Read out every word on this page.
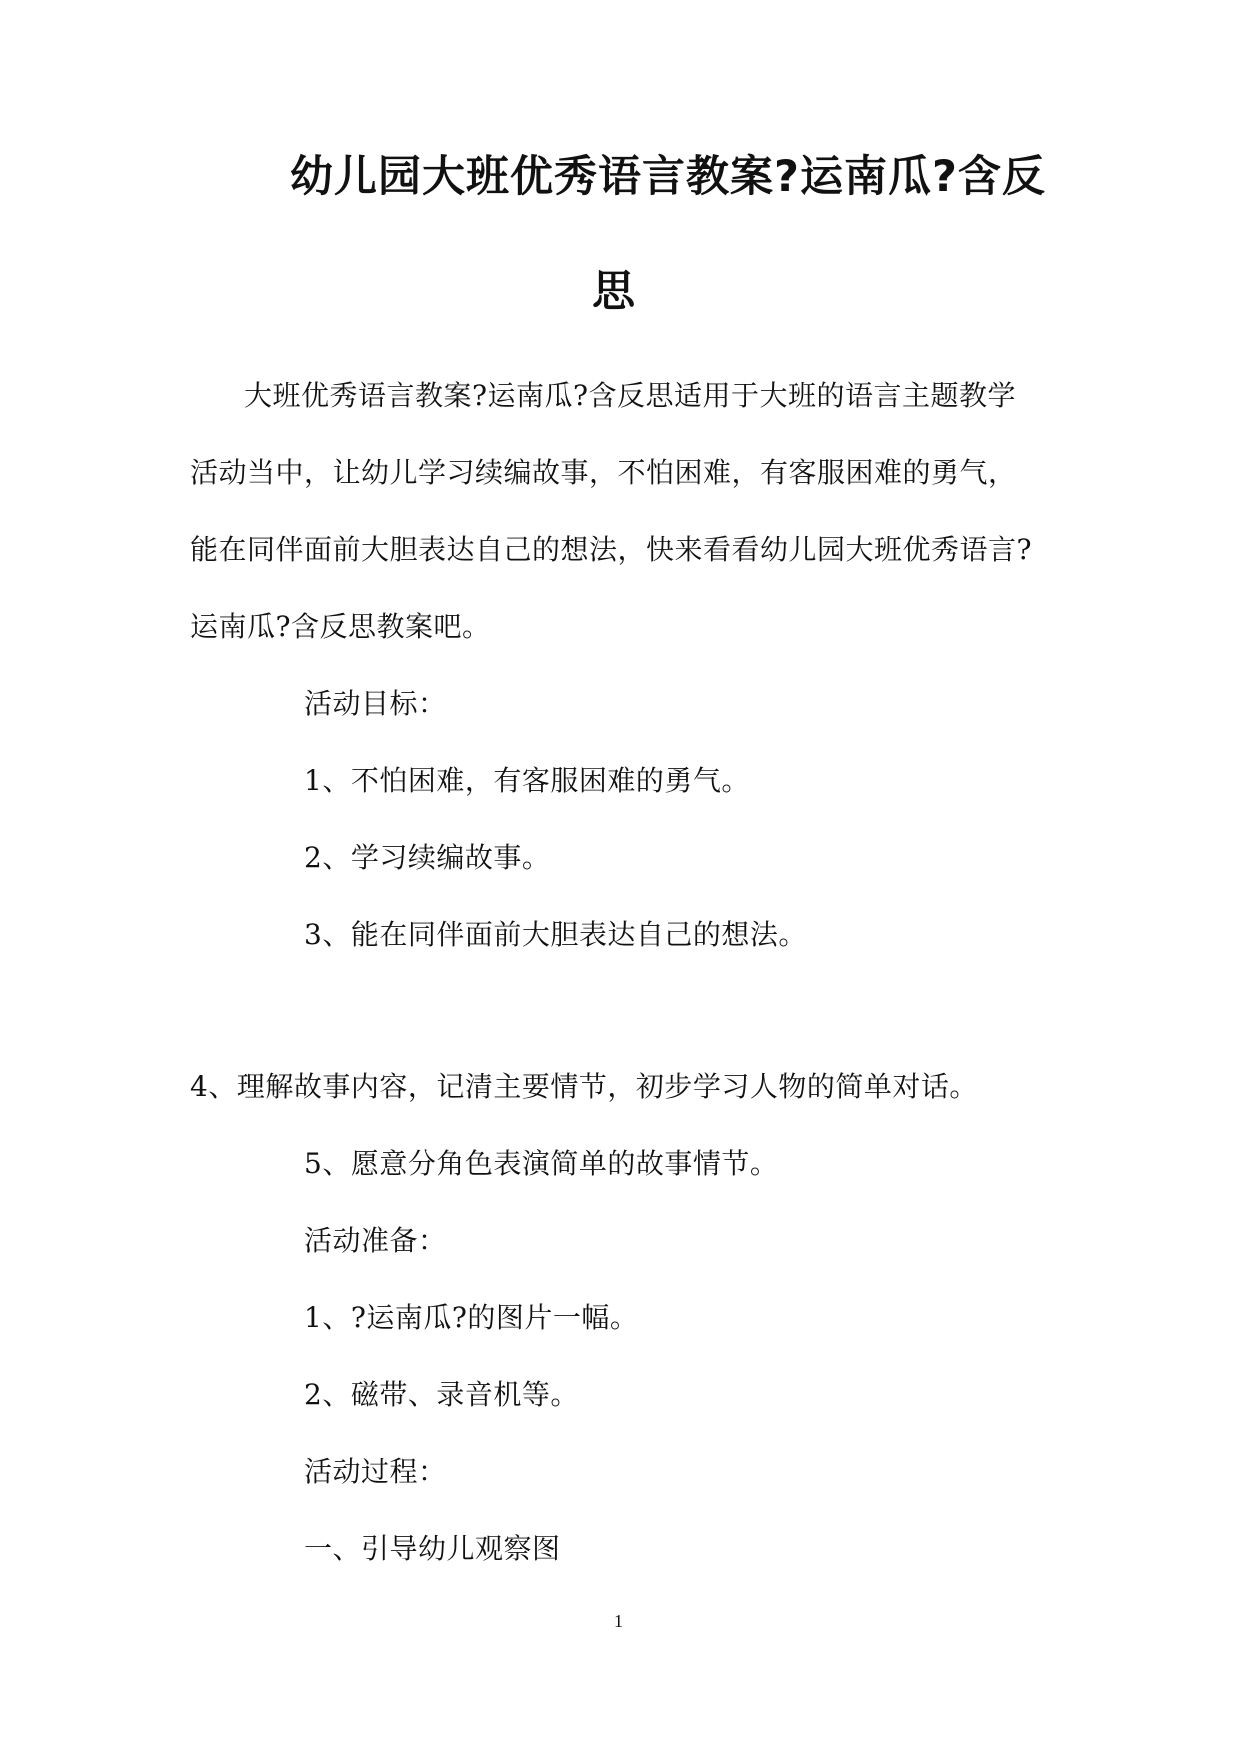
幼儿园大班优秀语言教案?运南瓜?含反
思
大班优秀语言教案?运南瓜?含反思适用于大班的语言主题教学
活动当中，让幼儿学习续编故事，不怕困难，有客服困难的勇气，
能在同伴面前大胆表达自己的想法，快来看看幼儿园大班优秀语言?
运南瓜?含反思教案吧。
活动目标：
1、不怕困难，有客服困难的勇气。
2、学习续编故事。
3、能在同伴面前大胆表达自己的想法。
4、理解故事内容，记清主要情节，初步学习人物的简单对话。
5、愿意分角色表演简单的故事情节。
活动准备：
1、?运南瓜?的图片一幅。
2、磁带、录音机等。
活动过程：
一、引导幼儿观察图
1
